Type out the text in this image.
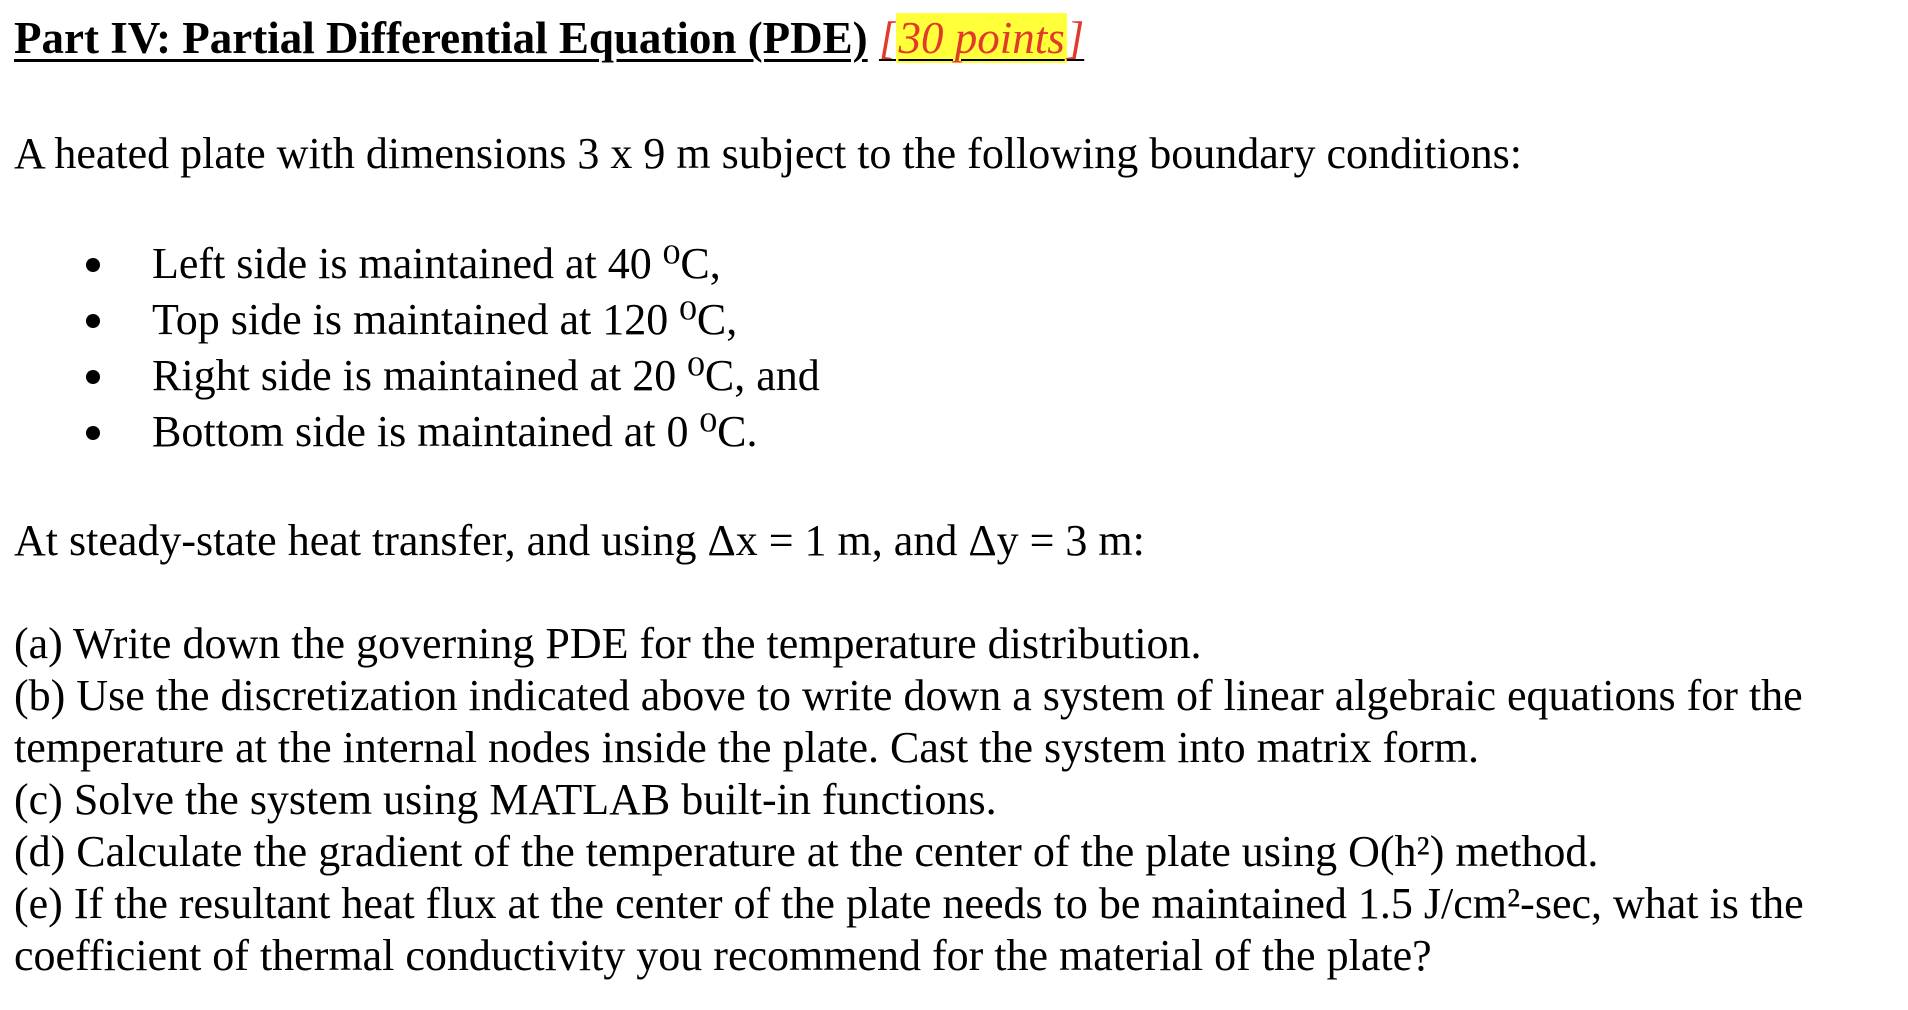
Part IV: Partial Differential Equation (PDE) [30 points]
A heated plate with dimensions 3 x 9 m subject to the following boundary conditions:
Left side is maintained at 40 ⁰C,
Top side is maintained at 120 ⁰C,
Right side is maintained at 20 ⁰C, and
Bottom side is maintained at 0 ⁰C.
At steady-state heat transfer, and using Δx = 1 m, and Δy = 3 m:
(a) Write down the governing PDE for the temperature distribution.
(b) Use the discretization indicated above to write down a system of linear algebraic equations for the
temperature at the internal nodes inside the plate. Cast the system into matrix form.
(c) Solve the system using MATLAB built-in functions.
(d) Calculate the gradient of the temperature at the center of the plate using O(h²) method.
(e) If the resultant heat flux at the center of the plate needs to be maintained 1.5 J/cm²-sec, what is the
coefficient of thermal conductivity you recommend for the material of the plate?
